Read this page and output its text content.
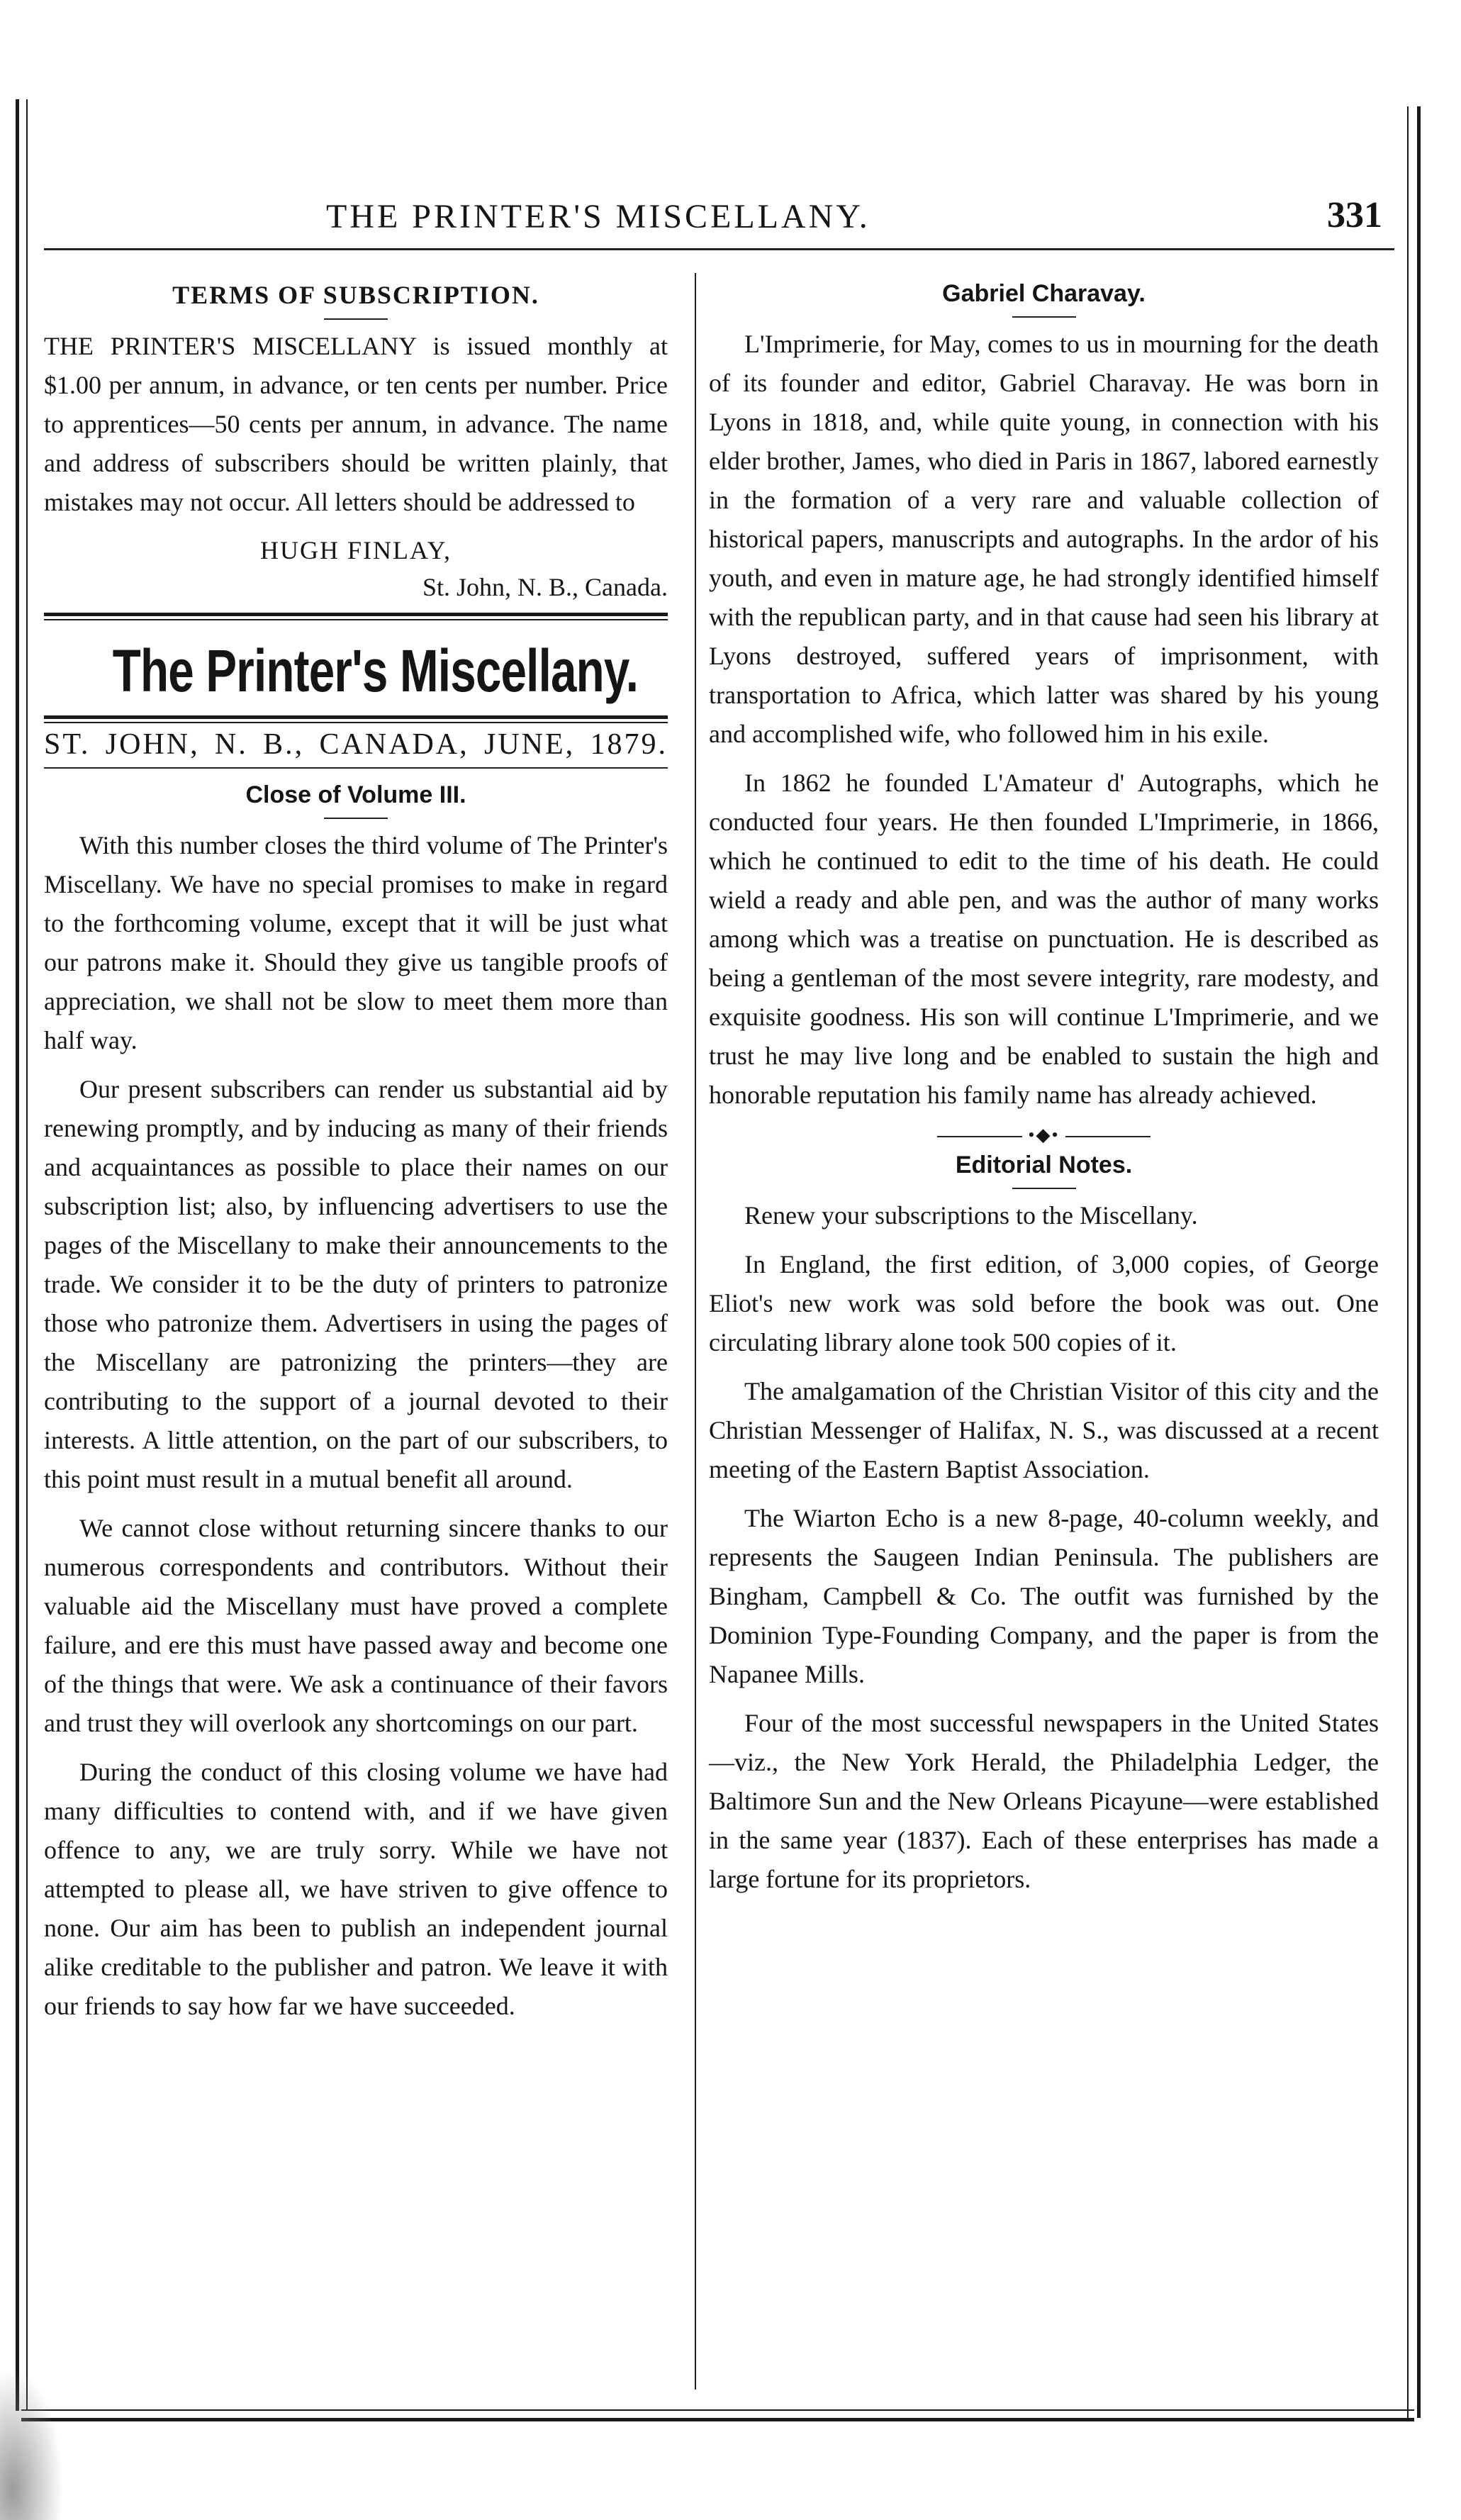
THE PRINTER'S MISCELLANY.	331
TERMS OF SUBSCRIPTION.

THE PRINTER'S MISCELLANY is issued monthly at $1.00 per annum, in advance, or ten cents per number. Price to apprentices—50 cents per annum, in advance. The name and address of subscribers should be written plainly, that mistakes may not occur. All letters should be addressed to

HUGH FINLAY,

St. John, N. B., Canada.

The Printer's Miscellany.
ST. JOHN, N. B., CANADA, JUNE, 1879.
Close of Volume III.

With this number closes the third volume of The Printer's Miscellany. We have no special promises to make in regard to the forthcoming volume, except that it will be just what our patrons make it. Should they give us tangible proofs of appreciation, we shall not be slow to meet them more than half way.

Our present subscribers can render us substantial aid by renewing promptly, and by inducing as many of their friends and acquaintances as possible to place their names on our subscription list; also, by influencing advertisers to use the pages of the Miscellany to make their announcements to the trade. We consider it to be the duty of printers to patronize those who patronize them. Advertisers in using the pages of the Miscellany are patronizing the printers—they are contributing to the support of a journal devoted to their interests. A little attention, on the part of our subscribers, to this point must result in a mutual benefit all around.

We cannot close without returning sincere thanks to our numerous correspondents and contributors. Without their valuable aid the Miscellany must have proved a complete failure, and ere this must have passed away and become one of the things that were. We ask a continuance of their favors and trust they will overlook any shortcomings on our part.

During the conduct of this closing volume we have had many difficulties to contend with, and if we have given offence to any, we are truly sorry. While we have not attempted to please all, we have striven to give offence to none. Our aim has been to publish an independent journal alike creditable to the publisher and patron. We leave it with our friends to say how far we have succeeded.

Gabriel Charavay.

L'Imprimerie, for May, comes to us in mourning for the death of its founder and editor, Gabriel Charavay. He was born in Lyons in 1818, and, while quite young, in connection with his elder brother, James, who died in Paris in 1867, labored earnestly in the formation of a very rare and valuable collection of historical papers, manuscripts and autographs. In the ardor of his youth, and even in mature age, he had strongly identified himself with the republican party, and in that cause had seen his library at Lyons destroyed, suffered years of imprisonment, with transportation to Africa, which latter was shared by his young and accomplished wife, who followed him in his exile.

In 1862 he founded L'Amateur d' Autographs, which he conducted four years. He then founded L'Imprimerie, in 1866, which he continued to edit to the time of his death. He could wield a ready and able pen, and was the author of many works among which was a treatise on punctuation. He is described as being a gentleman of the most severe integrity, rare modesty, and exquisite goodness. His son will continue L'Imprimerie, and we trust he may live long and be enabled to sustain the high and honorable reputation his family name has already achieved.

•◆•
Editorial Notes.

Renew your subscriptions to the Miscellany.

In England, the first edition, of 3,000 copies, of George Eliot's new work was sold before the book was out. One circulating library alone took 500 copies of it.

The amalgamation of the Christian Visitor of this city and the Christian Messenger of Halifax, N. S., was discussed at a recent meeting of the Eastern Baptist Association.

The Wiarton Echo is a new 8-page, 40-column weekly, and represents the Saugeen Indian Peninsula. The publishers are Bingham, Campbell & Co. The outfit was furnished by the Dominion Type-Founding Company, and the paper is from the Napanee Mills.

Four of the most successful newspapers in the United States—viz., the New York Herald, the Philadelphia Ledger, the Baltimore Sun and the New Orleans Picayune—were established in the same year (1837). Each of these enterprises has made a large fortune for its proprietors.
